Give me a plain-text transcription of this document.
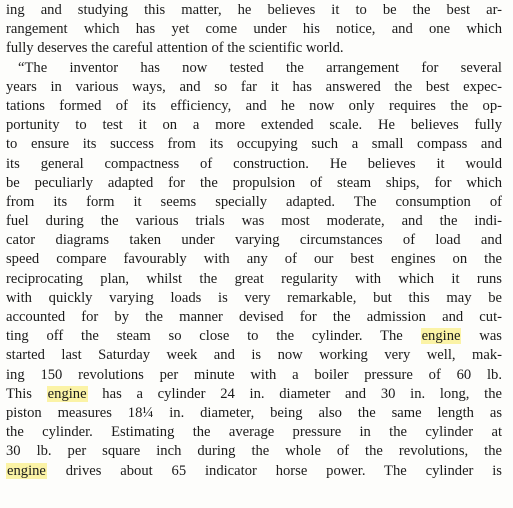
ing and studying this matter, he believes it to be the best ar-
rangement which has yet come under his notice, and one which
fully deserves the careful attention of the scientific world.
“The inventor has now tested the arrangement for several
years in various ways, and so far it has answered the best expec-
tations formed of its efficiency, and he now only requires the op-
portunity to test it on a more extended scale. He believes fully
to ensure its success from its occupying such a small compass and
its general compactness of construction. He believes it would
be peculiarly adapted for the propulsion of steam ships, for which
from its form it seems specially adapted. The consumption of
fuel during the various trials was most moderate, and the indi-
cator diagrams taken under varying circumstances of load and
speed compare favourably with any of our best engines on the
reciprocating plan, whilst the great regularity with which it runs
with quickly varying loads is very remarkable, but this may be
accounted for by the manner devised for the admission and cut-
ting off the steam so close to the cylinder. The engine was
started last Saturday week and is now working very well, mak-
ing 150 revolutions per minute with a boiler pressure of 60 lb.
This engine has a cylinder 24 in. diameter and 30 in. long, the
piston measures 18¼ in. diameter, being also the same length as
the cylinder. Estimating the average pressure in the cylinder at
30 lb. per square inch during the whole of the revolutions, the
engine drives about 65 indicator horse power. The cylinder is
